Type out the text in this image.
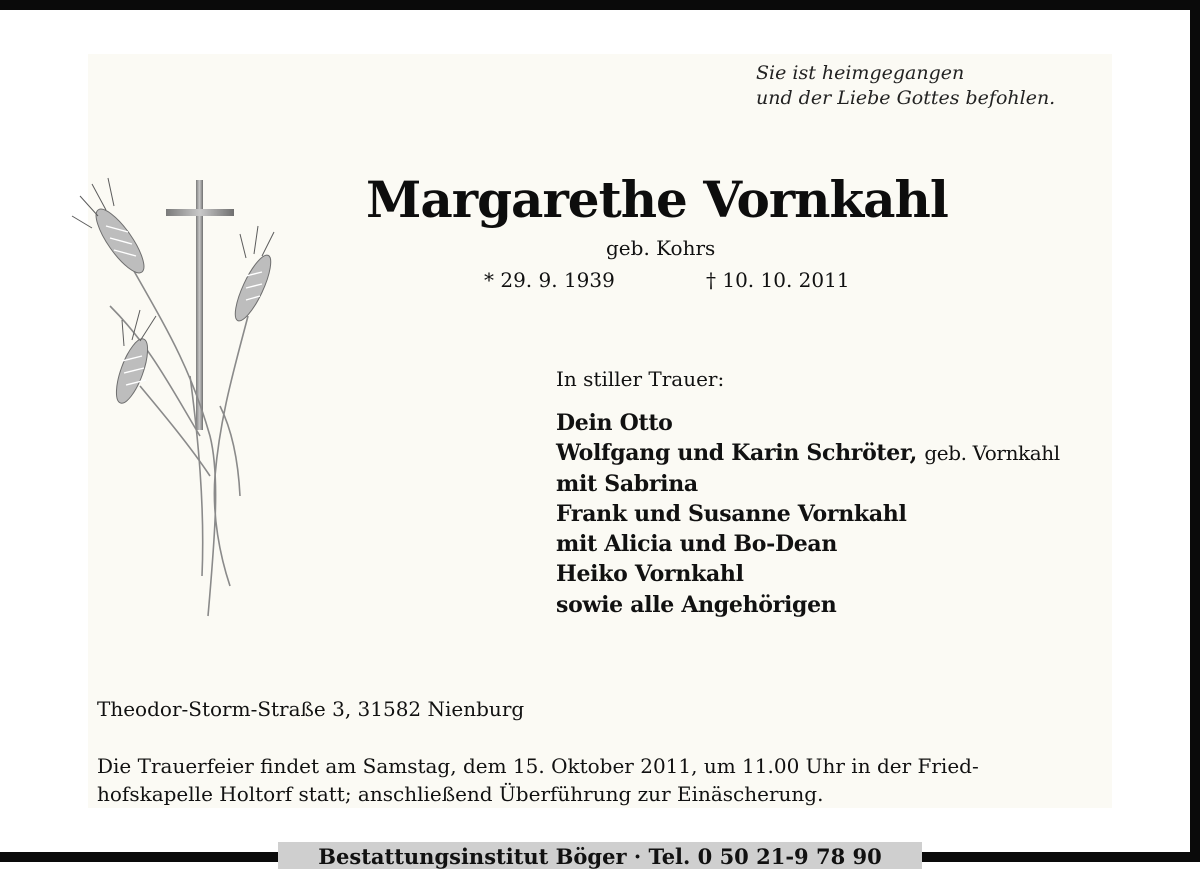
Sie ist heimgegangen
und der Liebe Gottes befohlen.
Margarethe Vornkahl
geb. Kohrs
* 29. 9. 1939	† 10. 10. 2011
In stiller Trauer:
Dein Otto
Wolfgang und Karin Schröter, geb. Vornkahl
mit Sabrina
Frank und Susanne Vornkahl
mit Alicia und Bo-Dean
Heiko Vornkahl
sowie alle Angehörigen
Theodor-Storm-Straße 3, 31582 Nienburg
Die Trauerfeier findet am Samstag, dem 15. Oktober 2011, um 11.00 Uhr in der Fried-
hofskapelle Holtorf statt; anschließend Überführung zur Einäscherung.
Bestattungsinstitut Böger · Tel. 0 50 21-9 78 90
